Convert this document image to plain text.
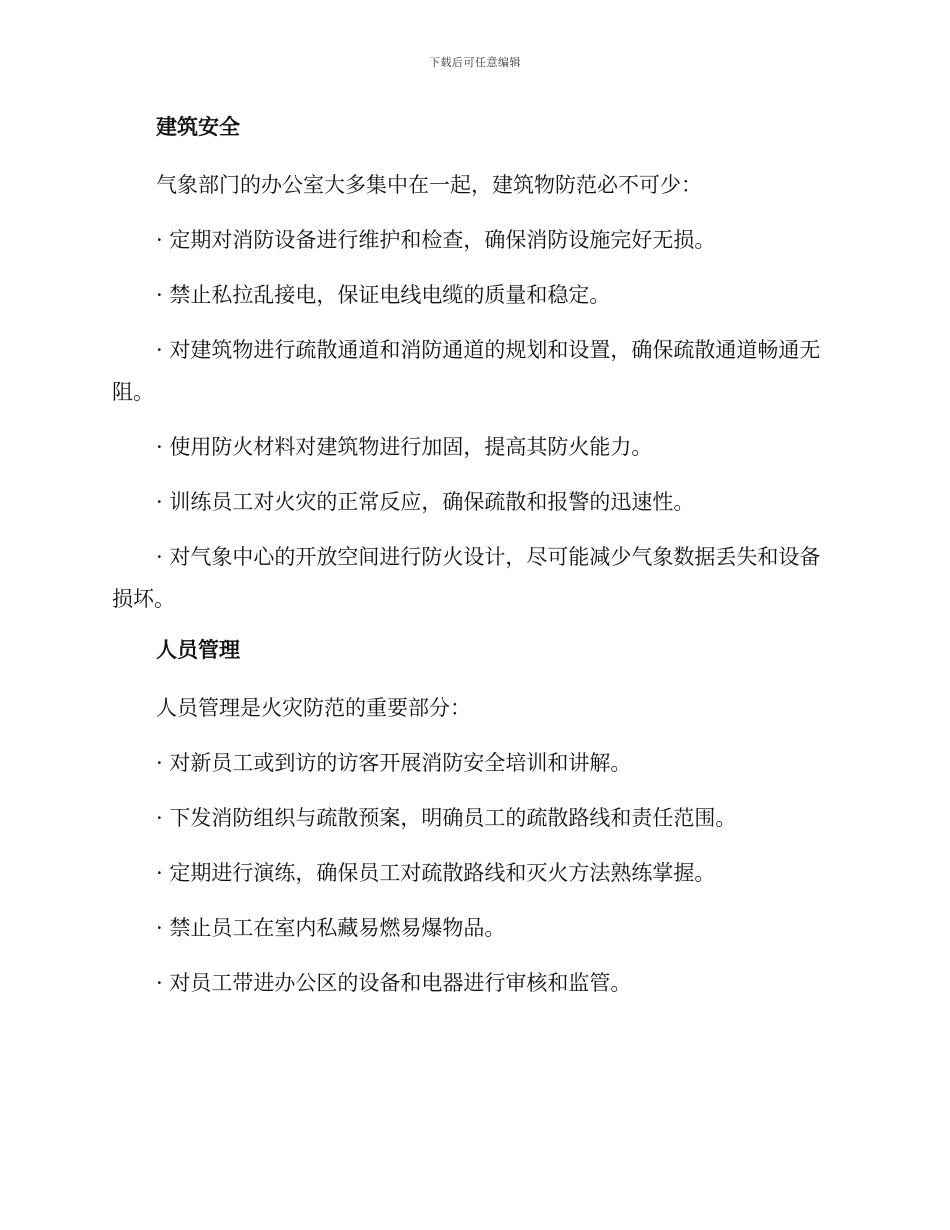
下载后可任意编辑
建筑安全

气象部门的办公室大多集中在一起，建筑物防范必不可少：

· 定期对消防设备进行维护和检查，确保消防设施完好无损。

· 禁止私拉乱接电，保证电线电缆的质量和稳定。

· 对建筑物进行疏散通道和消防通道的规划和设置，确保疏散通道畅通无阻。

· 使用防火材料对建筑物进行加固，提高其防火能力。

· 训练员工对火灾的正常反应，确保疏散和报警的迅速性。

· 对气象中心的开放空间进行防火设计，尽可能减少气象数据丢失和设备损坏。

人员管理

人员管理是火灾防范的重要部分：

· 对新员工或到访的访客开展消防安全培训和讲解。

· 下发消防组织与疏散预案，明确员工的疏散路线和责任范围。

· 定期进行演练，确保员工对疏散路线和灭火方法熟练掌握。

· 禁止员工在室内私藏易燃易爆物品。

· 对员工带进办公区的设备和电器进行审核和监管。
